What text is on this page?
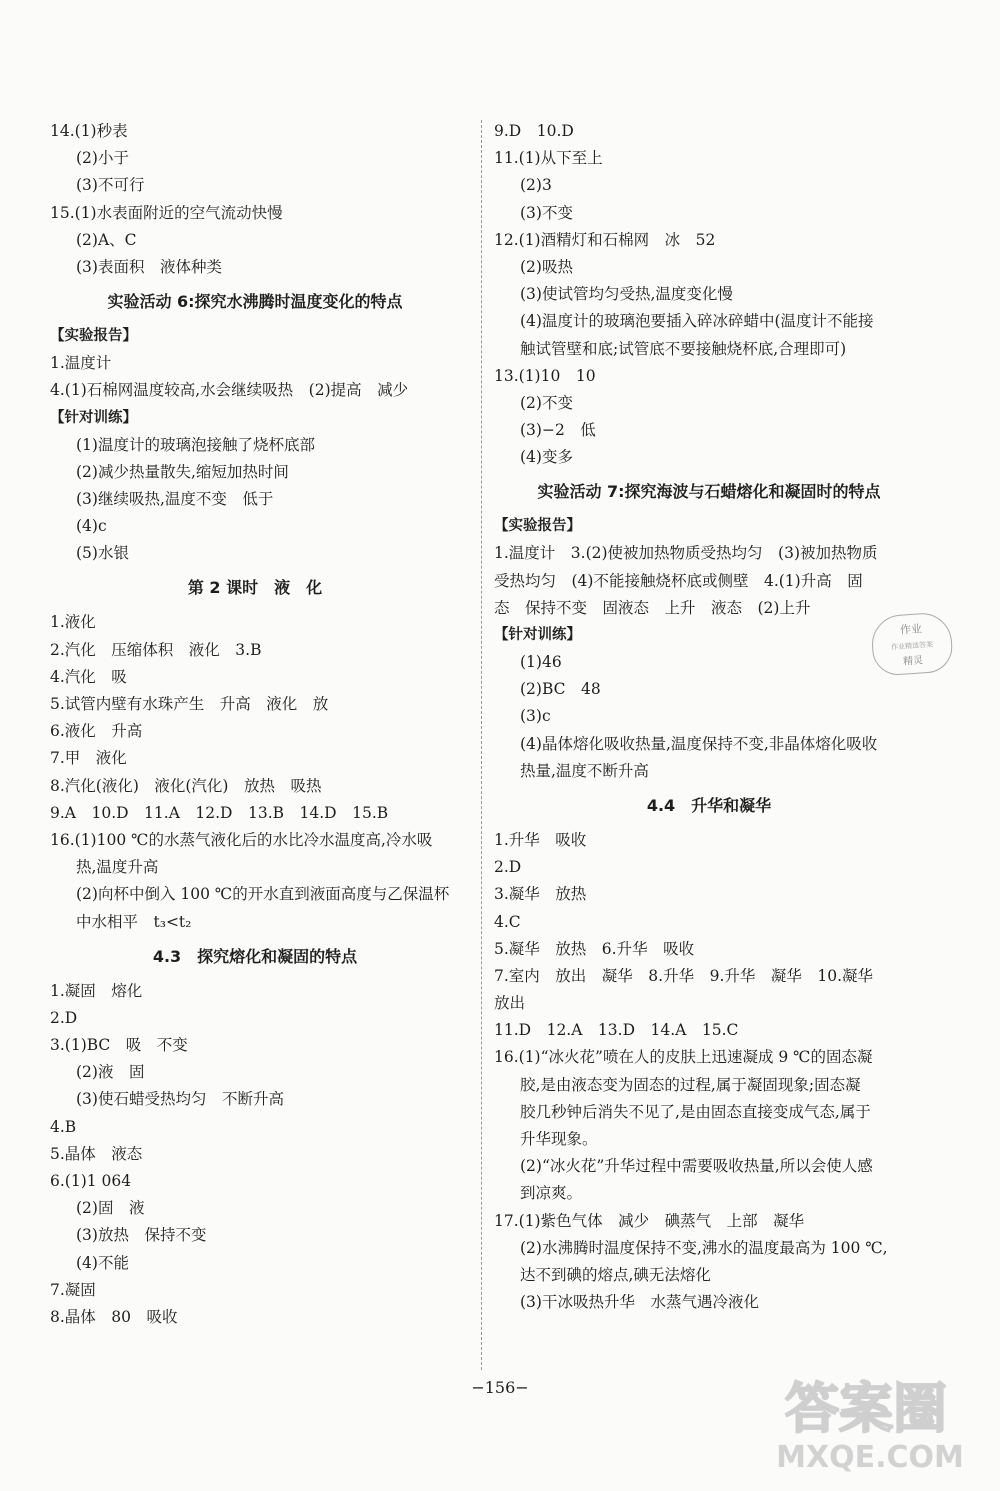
14.(1)秒表
(2)小于
(3)不可行
15.(1)水表面附近的空气流动快慢
(2)A、C
(3)表面积　液体种类
实验活动 6:探究水沸腾时温度变化的特点
【实验报告】
1.温度计
4.(1)石棉网温度较高,水会继续吸热　(2)提高　减少
【针对训练】
(1)温度计的玻璃泡接触了烧杯底部
(2)减少热量散失,缩短加热时间
(3)继续吸热,温度不变　低于
(4)c
(5)水银
第 2 课时　液　化
1.液化
2.汽化　压缩体积　液化　3.B
4.汽化　吸
5.试管内壁有水珠产生　升高　液化　放
6.液化　升高
7.甲　液化
8.汽化(液化)　液化(汽化)　放热　吸热
9.A　10.D　11.A　12.D　13.B　14.D　15.B
16.(1)100 ℃的水蒸气液化后的水比冷水温度高,冷水吸
热,温度升高
(2)向杯中倒入 100 ℃的开水直到液面高度与乙保温杯
中水相平　t₃<t₂
4.3　探究熔化和凝固的特点
1.凝固　熔化
2.D
3.(1)BC　吸　不变
(2)液　固
(3)使石蜡受热均匀　不断升高
4.B
5.晶体　液态
6.(1)1 064
(2)固　液
(3)放热　保持不变
(4)不能
7.凝固
8.晶体　80　吸收
9.D　10.D
11.(1)从下至上
(2)3
(3)不变
12.(1)酒精灯和石棉网　冰　52
(2)吸热
(3)使试管均匀受热,温度变化慢
(4)温度计的玻璃泡要插入碎冰碎蜡中(温度计不能接
触试管壁和底;试管底不要接触烧杯底,合理即可)
13.(1)10　10
(2)不变
(3)−2　低
(4)变多
实验活动 7:探究海波与石蜡熔化和凝固时的特点
【实验报告】
1.温度计　3.(2)使被加热物质受热均匀　(3)被加热物质
受热均匀　(4)不能接触烧杯底或侧壁　4.(1)升高　固
态　保持不变　固液态　上升　液态　(2)上升
【针对训练】
(1)46
(2)BC　48
(3)c
(4)晶体熔化吸收热量,温度保持不变,非晶体熔化吸收
热量,温度不断升高
4.4　升华和凝华
1.升华　吸收
2.D
3.凝华　放热
4.C
5.凝华　放热　6.升华　吸收
7.室内　放出　凝华　8.升华　9.升华　凝华　10.凝华
放出
11.D　12.A　13.D　14.A　15.C
16.(1)“冰火花”喷在人的皮肤上迅速凝成 9 ℃的固态凝
胶,是由液态变为固态的过程,属于凝固现象;固态凝
胶几秒钟后消失不见了,是由固态直接变成气态,属于
升华现象。
(2)“冰火花”升华过程中需要吸收热量,所以会使人感
到凉爽。
17.(1)紫色气体　减少　碘蒸气　上部　凝华
(2)水沸腾时温度保持不变,沸水的温度最高为 100 ℃,
达不到碘的熔点,碘无法熔化
(3)干冰吸热升华　水蒸气遇冷液化
作业
作业精选答案
精灵
−156−	答案圈
MXQE.COM
